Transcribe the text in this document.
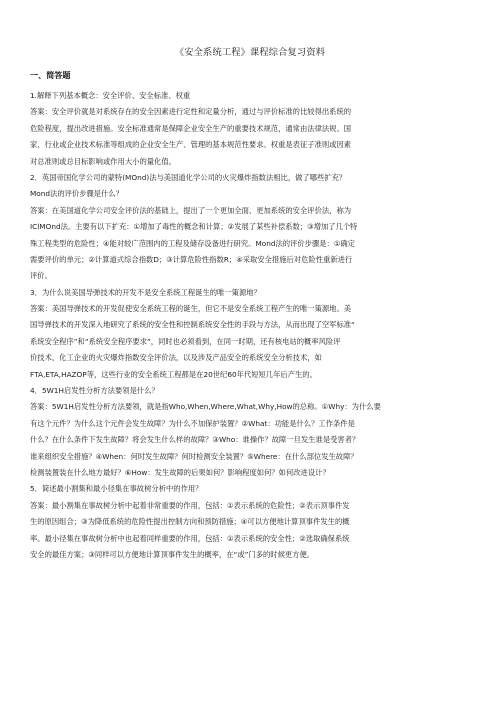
《安全系统工程》课程综合复习资料
一、简答题
1.解释下列基本概念：安全评价、安全标准、权重
答案：安全评价就是对系统存在的安全因素进行定性和定量分析，通过与评价标准的比较得出系统的
危险程度，提出改进措施。安全标准通常是保障企业安全生产的重要技术规范，通常由法律法规、国
家、行业或企业技术标准等组成的企业安全生产、管理的基本规范性要求。权重是表征子准则或因素
对总准则或总目标影响或作用大小的量化值。
2．英国帝国化学公司的蒙特(MOnd)法与美国道化学公司的火灾爆炸指数法相比，做了哪些扩充？
Mond法的评价步骤是什么？
答案：在美国道化学公司安全评价法的基础上，提出了一个更加全面、更加系统的安全评价法，称为
IClMOnd法。主要有以下扩充：①增加了毒性的概念和计算；②发展了某些补偿系数；③增加了几个特
殊工程类型的危险性；④能对较广范围内的工程及储存设备进行研究。Mond法的评价步骤是：①确定
需要评价的单元；②计算道式综合指数D；③计算危险性指数R；④采取安全措施后对危险性重新进行
评价。
3．为什么说美国导弹技术的开发不是安全系统工程诞生的唯一策源地？
答案：美国导弹技术的开发促使安全系统工程的诞生，但它不是安全系统工程产生的唯一策源地。美
国导弹技术的开发深入地研究了系统的安全性和控制系统安全性的手段与方法，从而出现了空军标准“
系统安全程序”和“系统安全程序要求”，同时也必须看到，在同一时期，还有核电站的概率风险评
价技术，化工企业的火灾爆炸指数安全评价法，以及涉及产品安全的系统安全分析技术，如
FTA,ETA,HAZOP等，这些行业的安全系统工程都是在20世纪60年代短短几年后产生的。
4．5W1H启发性分析方法要领是什么？
答案：5W1H启发性分析方法要领，就是指Who,When,Where,What,Why,How的总称。①Why：为什么要
有这个元件？为什么这个元件会发生故障？为什么不加保护装置？②What：功能是什么？工作条件是
什么？在什么条件下发生故障？将会发生什么样的故障？③Who：谁操作？故障一旦发生谁是受害者？
谁来组织安全措施？④When：何时发生故障？何时检测安全装置？⑤Where：在什么部位发生故障？
检测装置装在什么地方最好？⑥How：发生故障的后果如何？影响程度如何？如何改进设计？
5．简述最小割集和最小径集在事故树分析中的作用？
答案：最小割集在事故树分析中起着非常重要的作用，包括：①表示系统的危险性；②表示顶事件发
生的原因组合；③为降低系统的危险性提出控制方向和预防措施；④可以方便地计算顶事件发生的概
率。最小径集在事故树分析中也起着同样重要的作用，包括：①表示系统的安全性；②选取确保系统
安全的最佳方案；③同样可以方便地计算顶事件发生的概率，在“或”门多的时候更方便。
